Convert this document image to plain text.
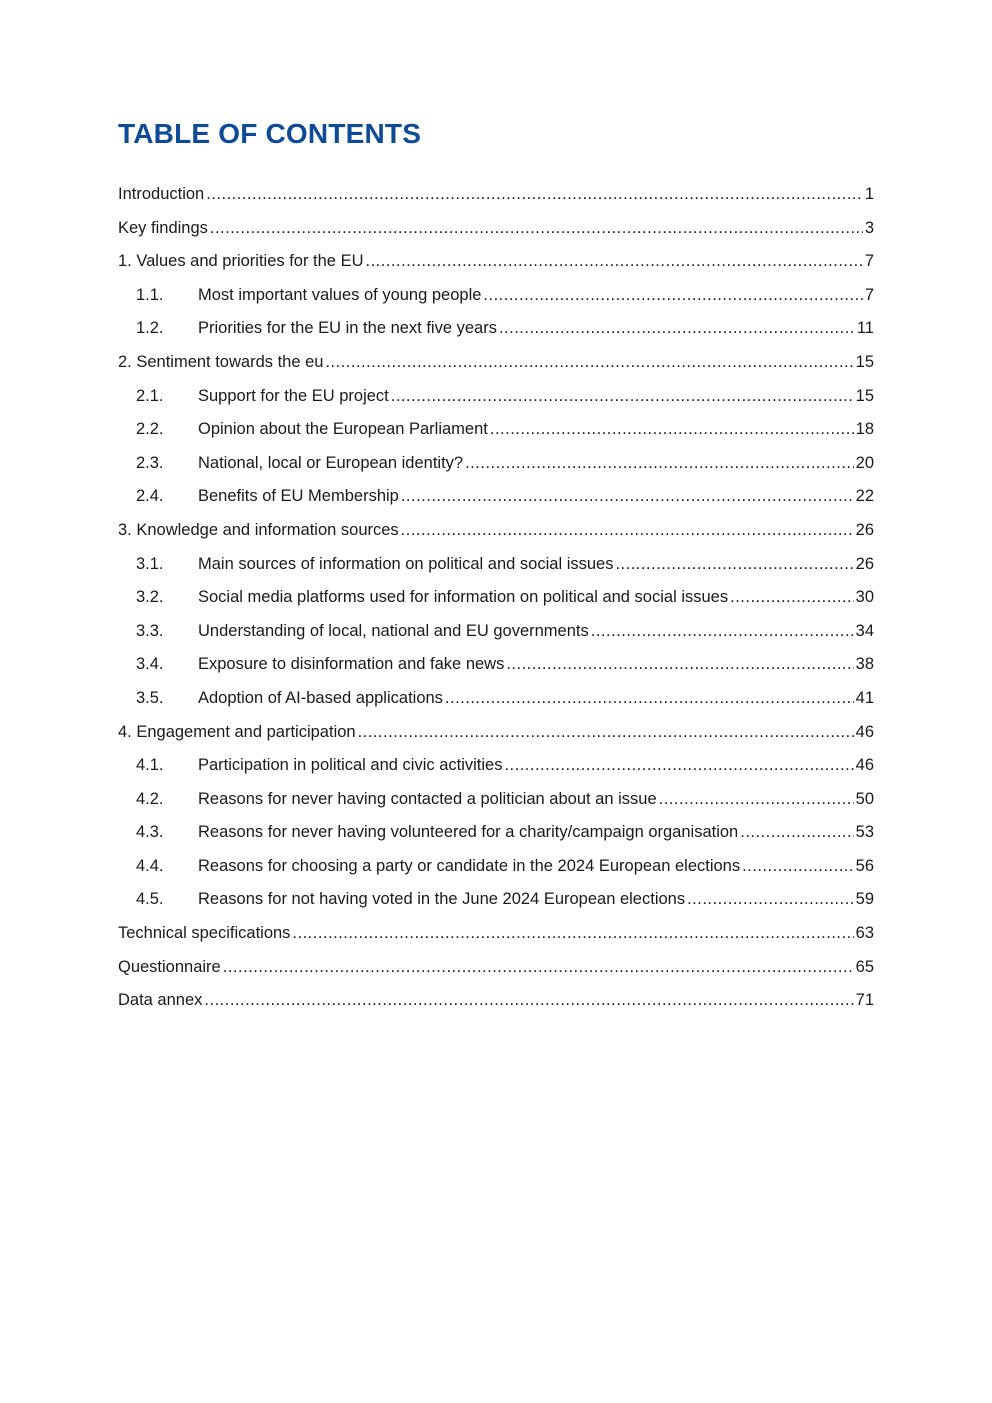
TABLE OF CONTENTS
Introduction .....	1
Key findings .....	3
1. Values and priorities for the EU .....	7
1.1.	Most important values of young people .....	7
1.2.	Priorities for the EU in the next five years .....	11
2. Sentiment towards the eu .....	15
2.1.	Support for the EU project .....	15
2.2.	Opinion about the European Parliament .....	18
2.3.	National, local or European identity? .....	20
2.4.	Benefits of EU Membership .....	22
3. Knowledge and information sources .....	26
3.1.	Main sources of information on political and social issues .....	26
3.2.	Social media platforms used for information on political and social issues .....	30
3.3.	Understanding of local, national and EU governments .....	34
3.4.	Exposure to disinformation and fake news .....	38
3.5.	Adoption of AI-based applications .....	41
4. Engagement and participation .....	46
4.1.	Participation in political and civic activities .....	46
4.2.	Reasons for never having contacted a politician about an issue .....	50
4.3.	Reasons for never having volunteered for a charity/campaign organisation .....	53
4.4.	Reasons for choosing a party or candidate in the 2024 European elections .....	56
4.5.	Reasons for not having voted in the June 2024 European elections .....	59
Technical specifications .....	63
Questionnaire .....	65
Data annex .....	71
